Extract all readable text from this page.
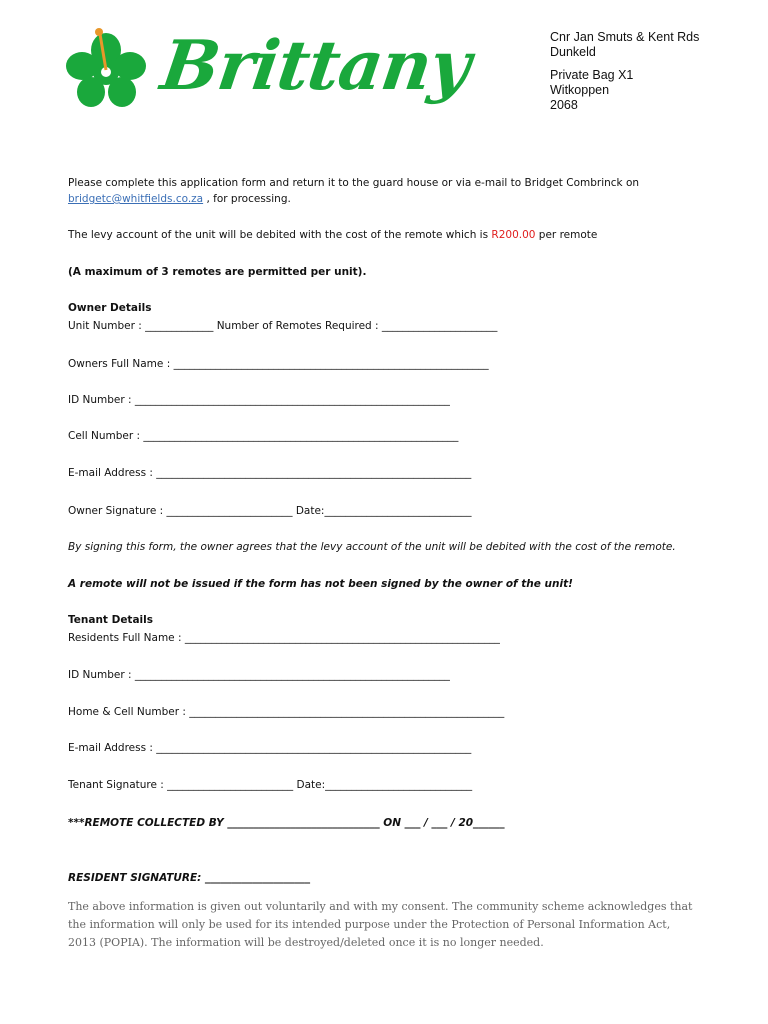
Brittany	Cnr Jan Smuts & Kent Rds
Dunkeld
Private Bag X1
Witkoppen
2068
Please complete this application form and return it to the guard house or via e-mail to Bridget Combrinck on
bridgetc@whitfields.co.za , for processing.
The levy account of the unit will be debited with the cost of the remote which is R200.00 per remote
(A maximum of 3 remotes are permitted per unit).
Owner Details
Unit Number : _____________ Number of Remotes Required : ______________________
Owners Full Name : ____________________________________________________________
ID Number : ____________________________________________________________
Cell Number : ____________________________________________________________
E-mail Address : ____________________________________________________________
Owner Signature : ________________________ Date:____________________________
By signing this form, the owner agrees that the levy account of the unit will be debited with the cost of the remote.
A remote will not be issued if the form has not been signed by the owner of the unit!
Tenant Details
Residents Full Name : ____________________________________________________________
ID Number : ____________________________________________________________
Home & Cell Number : ____________________________________________________________
E-mail Address : ____________________________________________________________
Tenant Signature : ________________________ Date:____________________________
***REMOTE COLLECTED BY _____________________________ ON ___ / ___ / 20______
RESIDENT SIGNATURE: ____________________
The above information is given out voluntarily and with my consent. The community scheme acknowledges that the information will only be used for its intended purpose under the Protection of Personal Information Act, 2013 (POPIA). The information will be destroyed/deleted once it is no longer needed.
